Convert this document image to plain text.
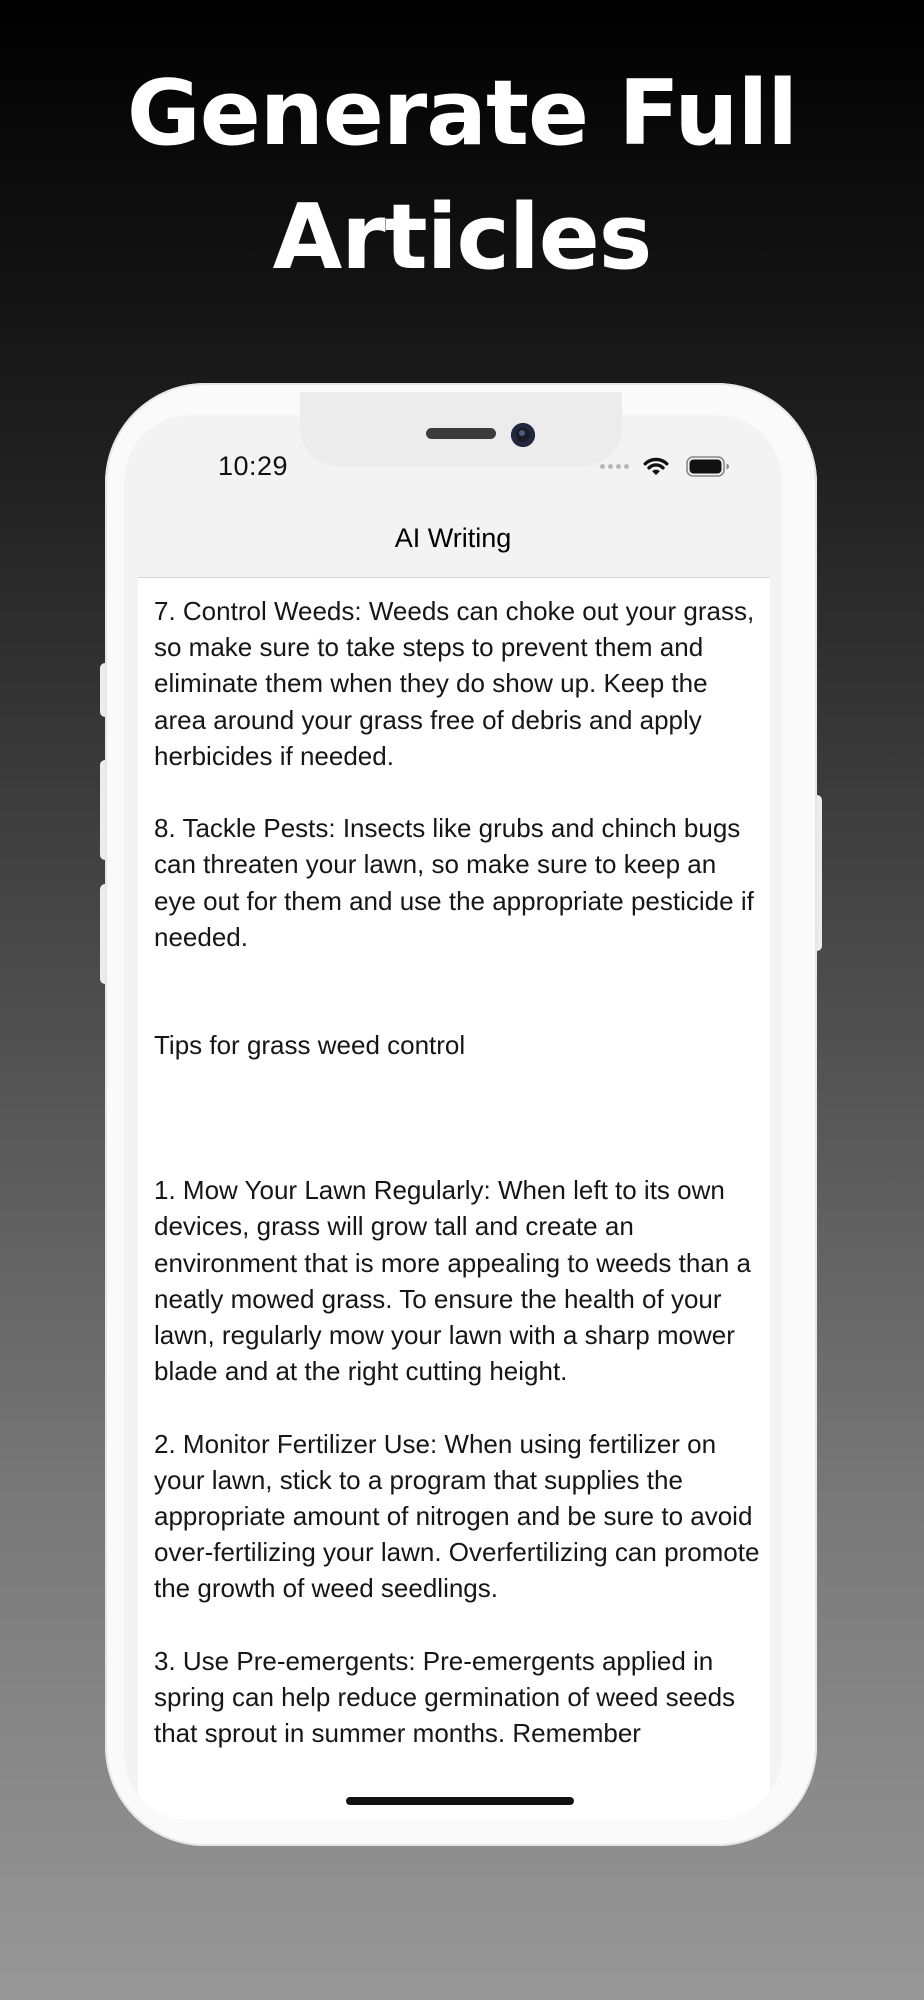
Generate Full
Articles
10:29
AI Writing

7. Control Weeds: Weeds can choke out your grass, so make sure to take steps to prevent them and eliminate them when they do show up. Keep the area around your grass free of debris and apply herbicides if needed.

8. Tackle Pests: Insects like grubs and chinch bugs can threaten your lawn, so make sure to keep an eye out for them and use the appropriate pesticide if needed.

Tips for grass weed control

1. Mow Your Lawn Regularly: When left to its own devices, grass will grow tall and create an environment that is more appealing to weeds than a neatly mowed grass. To ensure the health of your lawn, regularly mow your lawn with a sharp mower blade and at the right cutting height.

2. Monitor Fertilizer Use: When using fertilizer on your lawn, stick to a program that supplies the appropriate amount of nitrogen and be sure to avoid over-fertilizing your lawn. Overfertilizing can promote the growth of weed seedlings.

3. Use Pre-emergents: Pre-emergents applied in spring can help reduce germination of weed seeds that sprout in summer months. Remember
